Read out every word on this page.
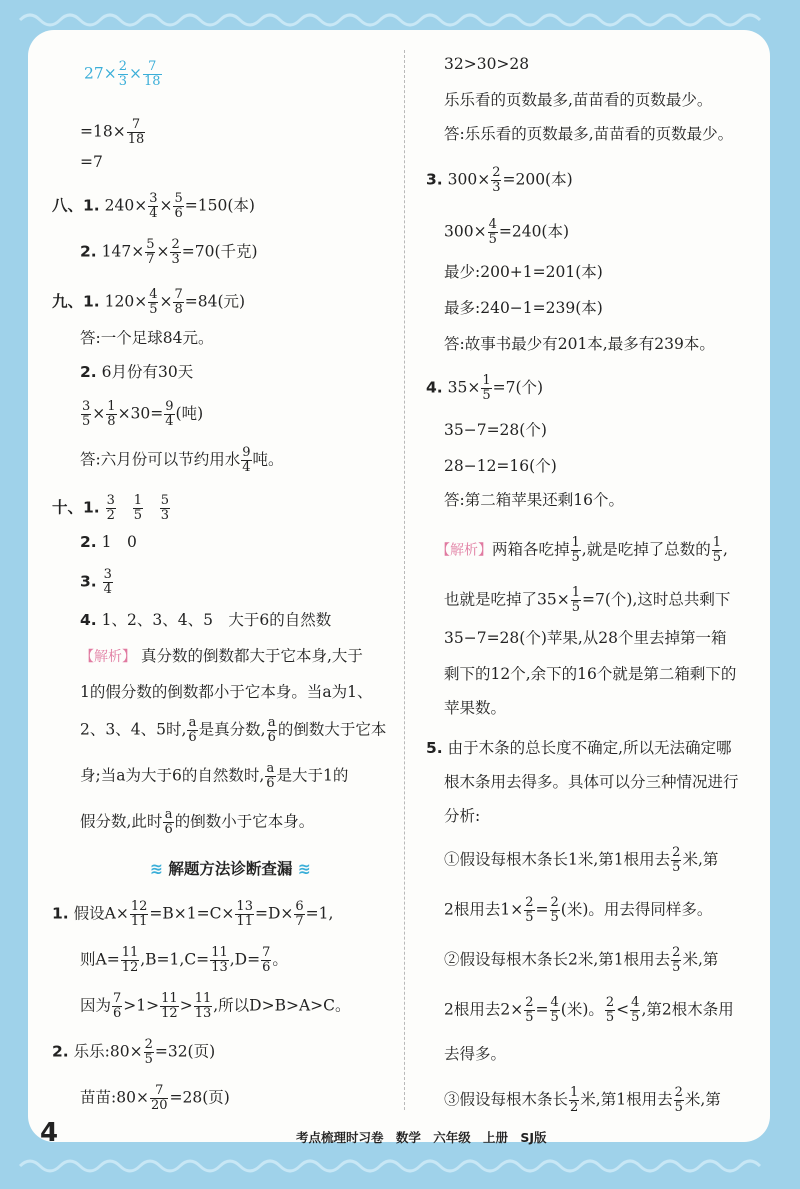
$27\times \frac{2}{3} \times \frac{7}{18}$
$=18\times \frac{7}{18}$
=7
八、1. $240\times \frac{3}{4} \times \frac{5}{6} =150$(本)
2. $147\times \frac{5}{7} \times \frac{2}{3} =70$(千克)
九、1. $120\times \frac{4}{5} \times \frac{7}{8} =84$(元)
答:一个足球84元。
2. 6月份有30天
$\frac{3}{5} \times \frac{1}{8} \times 30= \frac{9}{4}$ (吨)
答:六月份可以节约用水 $\frac{9}{4}$ 吨。
十、1. $\frac{3}{2}$
$\frac{1}{5}$
$\frac{5}{3}$
2. 1　0
3. $\frac{3}{4}$
4. 1、2、3、4、5　大于6的自然数
【解析】 真分数的倒数都大于它本身,大于
1的假分数的倒数都小于它本身。当a为1、
2、3、4、5时, $\frac{a}{6}$ 是真分数, $\frac{a}{6}$ 的倒数大于它本
身;当a为大于6的自然数时, $\frac{a}{6}$ 是大于1的
假分数,此时 $\frac{a}{6}$ 的倒数小于它本身。
≋ 解题方法诊断查漏 ≋
1. 假设$A\times \frac{12}{11} =B\times 1=C\times \frac{13}{11} =D\times \frac{6}{7} =1$,
则$A= \frac{11}{12} ,B=1,C= \frac{11}{13} ,D= \frac{7}{6}$ 。
因为 $\frac{7}{6} >1> \frac{11}{12} > \frac{11}{13}$ ,所以D>B>A>C。
2. 乐乐:80× $\frac{2}{5} =32$(页)
苗苗:80× $\frac{7}{20} =28$(页)
32>30>28
乐乐看的页数最多,苗苗看的页数最少。
答:乐乐看的页数最多,苗苗看的页数最少。
3. $300\times \frac{2}{3} =200$(本)
$300\times \frac{4}{5} =240$(本)
最少:200+1=201(本)
最多:240−1=239(本)
答:故事书最少有201本,最多有239本。
4. $35\times \frac{1}{5} =7$(个)
35−7=28(个)
28−12=16(个)
答:第二箱苹果还剩16个。
【解析】两箱各吃掉 $\frac{1}{5}$ ,就是吃掉了总数的 $\frac{1}{5}$ ,
也就是吃掉了$35\times \frac{1}{5} =7$(个),这时总共剩下
35−7=28(个)苹果,从28个里去掉第一箱
剩下的12个,余下的16个就是第二箱剩下的
苹果数。
5. 由于木条的总长度不确定,所以无法确定哪
根木条用去得多。具体可以分三种情况进行
分析:
①假设每根木条长1米,第1根用去 $\frac{2}{5}$ 米,第
2根用去$1\times \frac{2}{5} = \frac{2}{5}$ (米)。用去得同样多。
②假设每根木条长2米,第1根用去 $\frac{2}{5}$ 米,第
2根用去$2\times \frac{2}{5} = \frac{4}{5}$ (米)。 $\frac{2}{5} < \frac{4}{5}$ ,第2根木条用
去得多。
③假设每根木条长 $\frac{1}{2}$ 米,第1根用去 $\frac{2}{5}$ 米,第
4	考点梳理时习卷 数学 六年级 上册 SJ版
